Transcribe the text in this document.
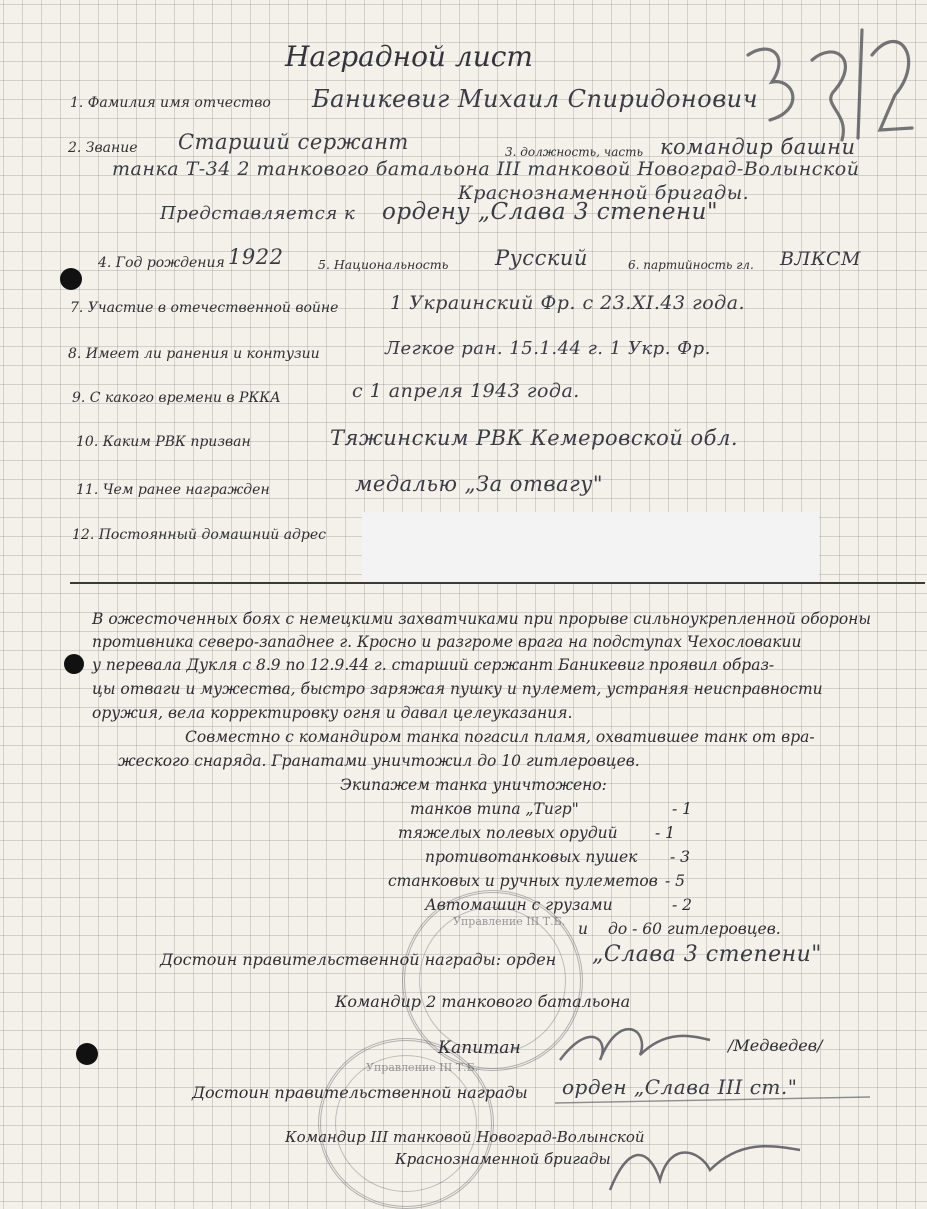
Наградной лист
1. Фамилия имя отчество Баникевиг Михаил Спиридонович
2. Звание Старший сержант	3. должность, часть командир башни
танка Т-34 2 танкового батальона III танковой Новоград-Волынской
Краснознаменной бригады.
Представляется к ордену „Слава 3 степени"
4. Год рождения 1922	5. Национальность Русский	6. партийность гл. ВЛКСМ
7. Участие в отечественной войне	1 Украинский Фр. с 23.XI.43 года.
8. Имеет ли ранения и контузии	Легкое ран. 15.1.44 г. 1 Укр. Фр.
9. С какого времени в РККА	с 1 апреля 1943 года.
10. Каким РВК призван	Тяжинским РВК Кемеровской обл.
11. Чем ранее награжден	медалью „За отвагу"
12. Постоянный домашний адрес
В ожесточенных боях с немецкими захватчиками при прорыве сильноукрепленной обороны
противника северо-западнее г. Кросно и разгроме врага на подступах Чехословакии
у перевала Дукля с 8.9 по 12.9.44 г. старший сержант Баникевиг проявил образ-
цы отваги и мужества, быстро заряжая пушку и пулемет, устраняя неисправности
оружия, вела корректировку огня и давал целеуказания.
Совместно с командиром танка погасил пламя, охватившее танк от вра-
жеского снаряда. Гранатами уничтожил до 10 гитлеровцев.
Экипажем танка уничтожено:
танков типа „Тигр"	- 1
тяжелых полевых орудий - 1
противотанковых пушек - 3
станковых и ручных пулеметов - 5
Автомашин с грузами	- 2
и до - 60 гитлеровцев.
Управление III Т.Б.
Управление III Т.Б.
Достоин правительственной награды: орден „Слава 3 степени"
Командир 2 танкового батальона
Капитан	/Медведев/
Достоин правительственной награды орден „Слава III ст."
Командир III танковой Новоград-Волынской
Краснознаменной бригады
